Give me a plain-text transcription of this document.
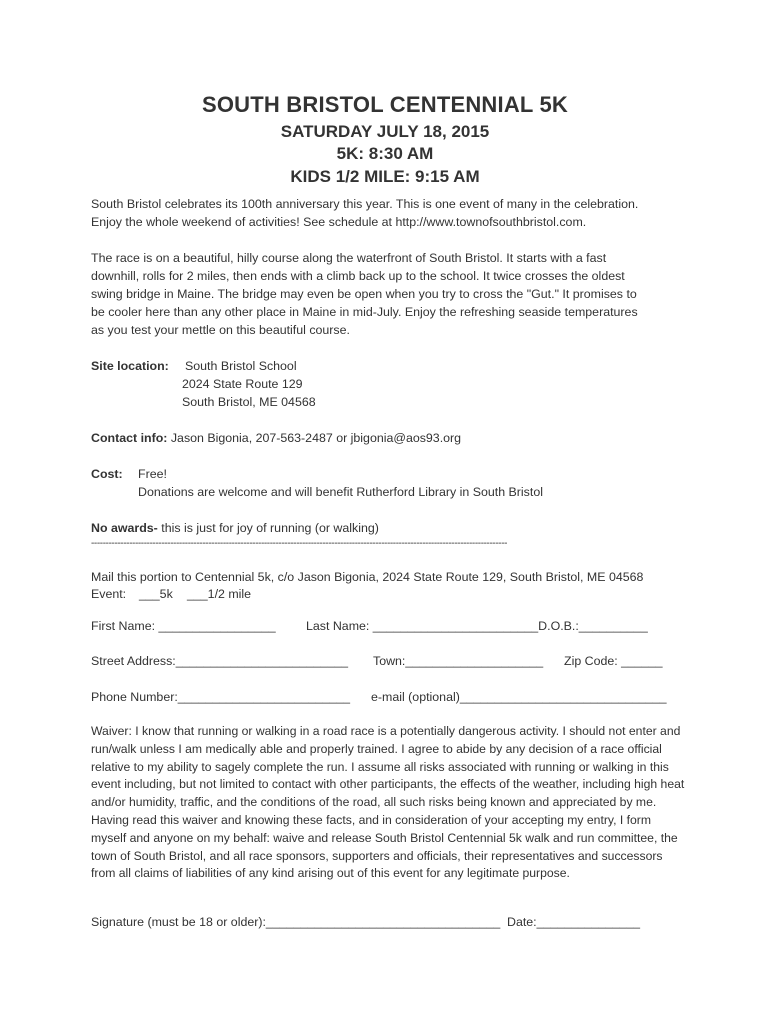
SOUTH BRISTOL CENTENNIAL 5K
SATURDAY JULY 18, 2015
5K: 8:30 AM
KIDS 1/2 MILE: 9:15 AM
South Bristol celebrates its 100th anniversary this year. This is one event of many in the celebration.
Enjoy the whole weekend of activities! See schedule at http://www.townofsouthbristol.com.
The race is on a beautiful, hilly course along the waterfront of South Bristol. It starts with a fast
downhill, rolls for 2 miles, then ends with a climb back up to the school. It twice crosses the oldest
swing bridge in Maine. The bridge may even be open when you try to cross the "Gut." It promises to
be cooler here than any other place in Maine in mid-July. Enjoy the refreshing seaside temperatures
as you test your mettle on this beautiful course.
Site location: South Bristol School
2024 State Route 129
South Bristol, ME 04568
Contact info: Jason Bigonia, 207-563-2487 or jbigonia@aos93.org
Cost: Free!
Donations are welcome and will benefit Rutherford Library in South Bristol
No awards- this is just for joy of running (or walking)
----------------------------------------------------------------------------------------------------------------------------------------------
Mail this portion to Centennial 5k, c/o Jason Bigonia, 2024 State Route 129, South Bristol, ME 04568
Event: ___5k ___1/2 mile
First Name: _________________ Last Name: ________________________D.O.B.:__________
Street Address:_________________________ Town:____________________ Zip Code: ______
Phone Number:_________________________ e-mail (optional)______________________________

Waiver: I know that running or walking in a road race is a potentially dangerous activity. I should not enter and run/walk unless I am medically able and properly trained. I agree to abide by any decision of a race official relative to my ability to sagely complete the run. I assume all risks associated with running or walking in this event including, but not limited to contact with other participants, the effects of the weather, including high heat and/or humidity, traffic, and the conditions of the road, all such risks being known and appreciated by me. Having read this waiver and knowing these facts, and in consideration of your accepting my entry, I form myself and anyone on my behalf: waive and release South Bristol Centennial 5k walk and run committee, the town of South Bristol, and all race sponsors, supporters and officials, their representatives and successors from all claims of liabilities of any kind arising out of this event for any legitimate purpose.

Signature (must be 18 or older):__________________________________ Date:_______________
